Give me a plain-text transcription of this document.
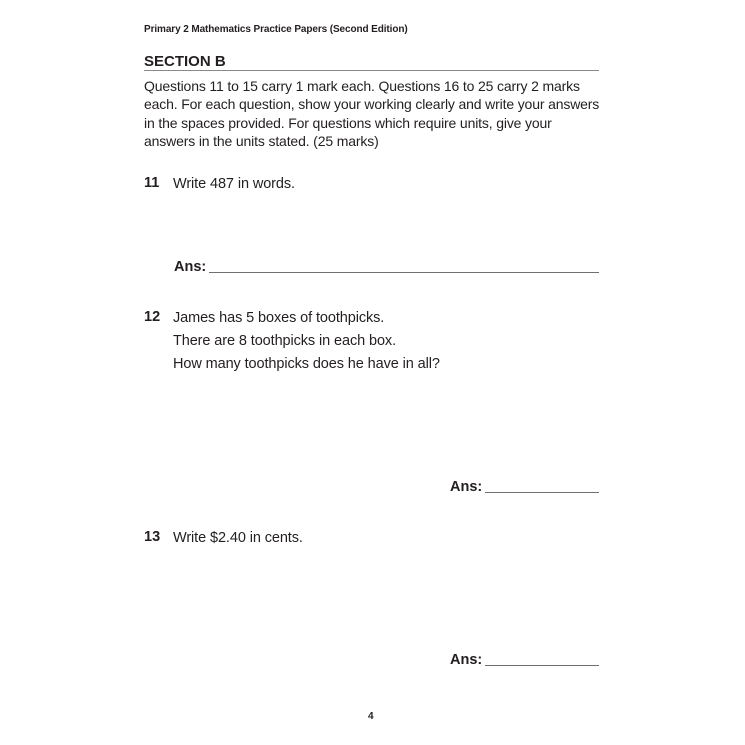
Primary 2 Mathematics Practice Papers (Second Edition)
SECTION B
Questions 11 to 15 carry 1 mark each. Questions 16 to 25 carry 2 marks each. For each question, show your working clearly and write your answers in the spaces provided. For questions which require units, give your answers in the units stated. (25 marks)
11 Write 487 in words.
Ans:
12 James has 5 boxes of toothpicks.
There are 8 toothpicks in each box.
How many toothpicks does he have in all?
Ans:
13 Write $2.40 in cents.
Ans:
4
